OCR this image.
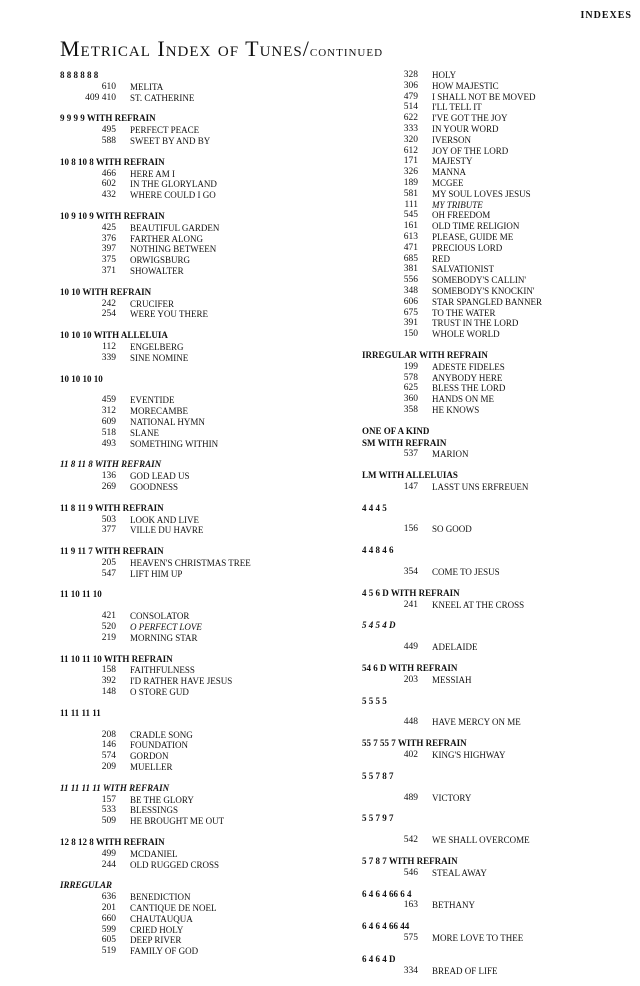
INDEXES
Metrical Index of Tunes/continued
8 8 8 8 8 8
610	MELITA
409 410	ST. CATHERINE
9 9 9 9 WITH REFRAIN
495	PERFECT PEACE
588	SWEET BY AND BY
10 8 10 8 WITH REFRAIN
466	HERE AM I
602	IN THE GLORYLAND
432	WHERE COULD I GO
10 9 10 9 WITH REFRAIN
425	BEAUTIFUL GARDEN
376	FARTHER ALONG
397	NOTHING BETWEEN
375	ORWIGSBURG
371	SHOWALTER
10 10 WITH REFRAIN
242	CRUCIFER
254	WERE YOU THERE
10 10 10 WITH ALLELUIA
112	ENGELBERG
339	SINE NOMINE
10 10 10 10
459	EVENTIDE
312	MORECAMBE
609	NATIONAL HYMN
518	SLANE
493	SOMETHING WITHIN
11 8 11 8 WITH REFRAIN
136	GOD LEAD US
269	GOODNESS
11 8 11 9 WITH REFRAIN
503	LOOK AND LIVE
377	VILLE DU HAVRE
11 9 11 7 WITH REFRAIN
205	HEAVEN'S CHRISTMAS TREE
547	LIFT HIM UP
11 10 11 10
421	CONSOLATOR
520	O PERFECT LOVE
219	MORNING STAR
11 10 11 10 WITH REFRAIN
158	FAITHFULNESS
392	I'D RATHER HAVE JESUS
148	O STORE GUD
11 11 11 11
208	CRADLE SONG
146	FOUNDATION
574	GORDON
209	MUELLER
11 11 11 11 WITH REFRAIN
157	BE THE GLORY
533	BLESSINGS
509	HE BROUGHT ME OUT
12 8 12 8 WITH REFRAIN
499	MCDANIEL
244	OLD RUGGED CROSS
IRREGULAR
636	BENEDICTION
201	CANTIQUE DE NOEL
660	CHAUTAUQUA
599	CRIED HOLY
605	DEEP RIVER
519	FAMILY OF GOD
328	HOLY
306	HOW MAJESTIC
479	I SHALL NOT BE MOVED
514	I'LL TELL IT
622	I'VE GOT THE JOY
333	IN YOUR WORD
320	IVERSON
612	JOY OF THE LORD
171	MAJESTY
326	MANNA
189	MCGEE
581	MY SOUL LOVES JESUS
111	MY TRIBUTE
545	OH FREEDOM
161	OLD TIME RELIGION
613	PLEASE, GUIDE ME
471	PRECIOUS LORD
685	RED
381	SALVATIONIST
556	SOMEBODY'S CALLIN'
348	SOMEBODY'S KNOCKIN'
606	STAR SPANGLED BANNER
675	TO THE WATER
391	TRUST IN THE LORD
150	WHOLE WORLD
IRREGULAR WITH REFRAIN
199	ADESTE FIDELES
578	ANYBODY HERE
625	BLESS THE LORD
360	HANDS ON ME
358	HE KNOWS
ONE OF A KIND
SM WITH REFRAIN
537	MARION
LM WITH ALLELUIAS
147	LASST UNS ERFREUEN
4 4 4 5
156	SO GOOD
4 4 8 4 6
354	COME TO JESUS
4 5 6 D WITH REFRAIN
241	KNEEL AT THE CROSS
5 4 5 4 D
449	ADELAIDE
54 6 D WITH REFRAIN
203	MESSIAH
5 5 5 5
448	HAVE MERCY ON ME
55 7 55 7 WITH REFRAIN
402	KING'S HIGHWAY
5 5 7 8 7
489	VICTORY
5 5 7 9 7
542	WE SHALL OVERCOME
5 7 8 7 WITH REFRAIN
546	STEAL AWAY
6 4 6 4 66 6 4
163	BETHANY
6 4 6 4 66 44
575	MORE LOVE TO THEE
6 4 6 4 D
334	BREAD OF LIFE
